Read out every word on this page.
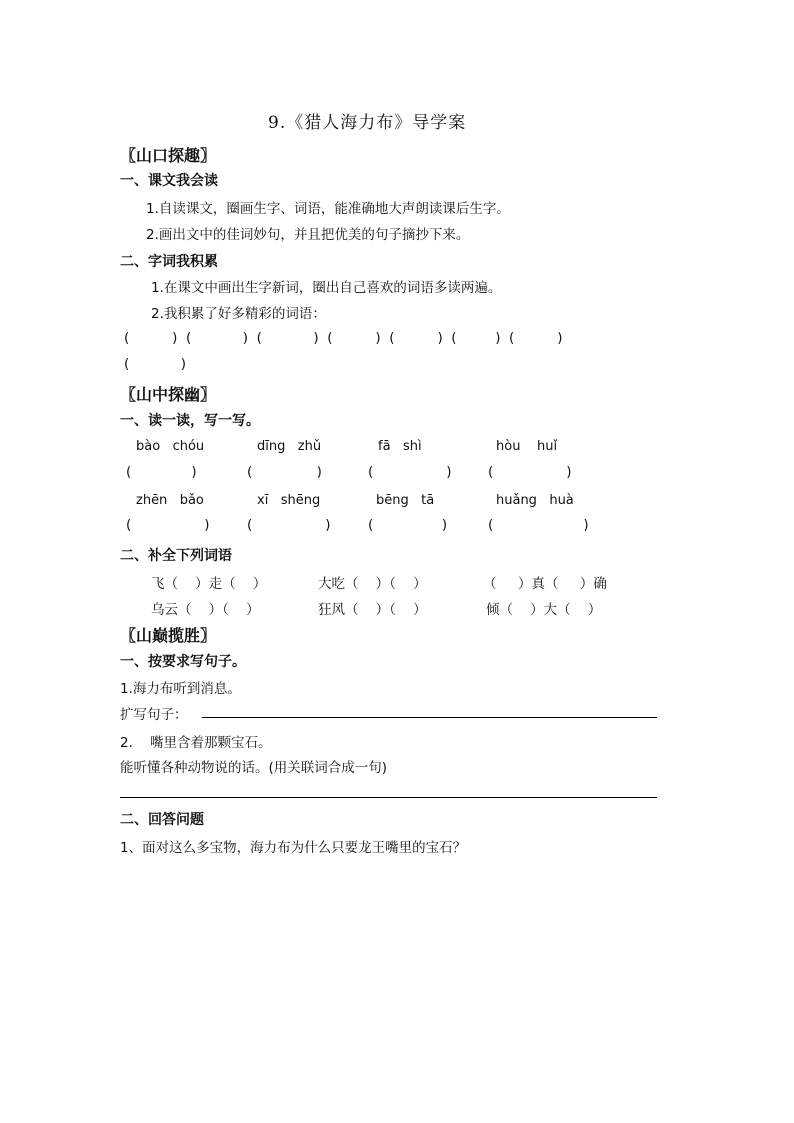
9.《猎人海力布》导学案
〖山口探趣〗
一、课文我会读
1.自读课文，圈画生字、词语，能准确地大声朗读课后生字。
2.画出文中的佳词妙句，并且把优美的句子摘抄下来。
二、字词我积累
1.在课文中画出生字新词，圈出自己喜欢的词语多读两遍。
2.我积累了好多精彩的词语：
(          )  (            )  (            )  (          )  (          )  (         )  (          )
(            )
〖山中探幽〗
一、读一读，写一写。
bào   chóu	dīng   zhǔ	fā   shì	hòu    huǐ
(              )	(               )	(                 )	(                 )
zhēn   bǎo	xī   shēng	bēng   tā	huǎng   huà
(                 )	(                 )	(                )	(                     )
二、补全下列词语
飞（    ）走（    ）	大吃（    ）（    ）	（     ）真（     ）确
乌云（    ）（    ）	狂风（    ）（    ）	倾（    ）大（    ）
〖山巅揽胜〗
一、按要求写句子。
1.海力布听到消息。
扩写句子：
2.    嘴里含着那颗宝石。
能听懂各种动物说的话。(用关联词合成一句)
二、回答问题
1、面对这么多宝物，海力布为什么只要龙王嘴里的宝石？
